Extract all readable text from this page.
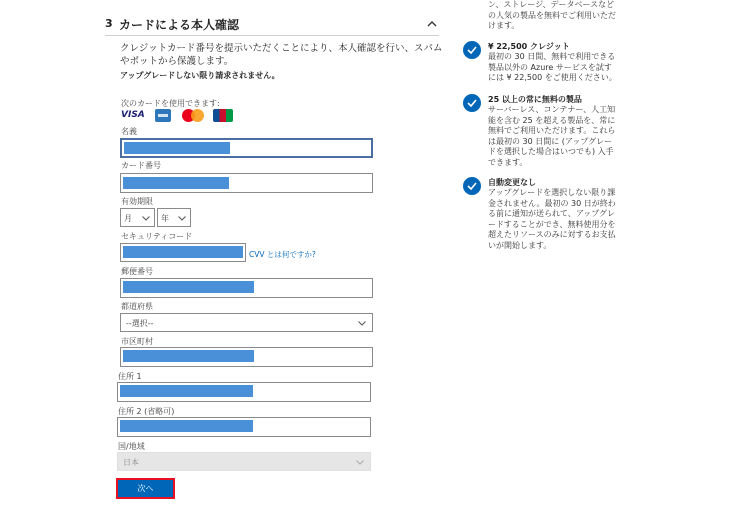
3 カードによる本人確認
クレジットカード番号を提示いただくことにより、本人確認を行い、スパムやボットから保護します。
アップグレードしない限り請求されません。
次のカードを使用できます:
VISA
名義
カード番号
有効期限
月	年
セキュリティコード
CVV とは何ですか?
郵便番号
都道府県
--選択--
市区町村
住所 1
住所 2 (省略可)
国/地域
日本
次へ
ン、ストレージ、データベースなどの人気の製品を無料でご利用いただけます。
¥ 22,500 クレジット
最初の 30 日間、無料で利用できる製品以外の Azure サービスを試すには ¥ 22,500 をご使用ください。
25 以上の常に無料の製品
サーバーレス、コンテナー、人工知能を含む 25 を超える製品を、常に無料でご利用いただけます。これらは最初の 30 日間に (アップグレードを選択した場合はいつでも) 入手できます。
自動変更なし
アップグレードを選択しない限り課金されません。最初の 30 日が終わる前に通知が送られて、アップグレードすることができ、無料使用分を超えたリソースのみに対するお支払いが開始します。
